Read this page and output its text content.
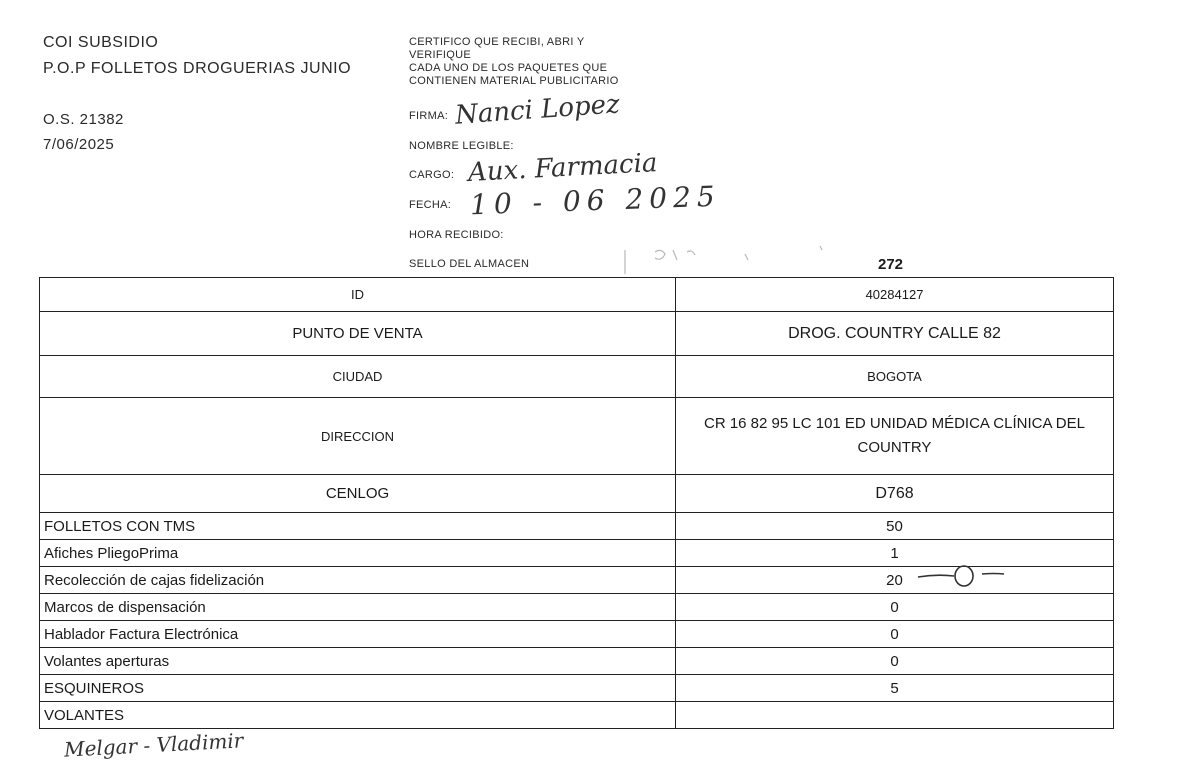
COI SUBSIDIO
P.O.P FOLLETOS DROGUERIAS JUNIO
O.S. 21382
7/06/2025
CERTIFICO QUE RECIBI, ABRI Y
VERIFIQUE
CADA UNO DE LOS PAQUETES QUE
CONTIENEN MATERIAL PUBLICITARIO
FIRMA: Nanci Lopez
NOMBRE LEGIBLE:
CARGO: Aux. Farmacia
FECHA: 10 - 06 2025
HORA RECIBIDO:
SELLO DEL ALMACEN	272
ID	40284127
PUNTO DE VENTA	DROG. COUNTRY CALLE 82
CIUDAD	BOGOTA
DIRECCION	CR 16 82 95 LC 101 ED UNIDAD MÉDICA CLÍNICA DEL COUNTRY
CENLOG	D768
FOLLETOS CON TMS	50
Afiches PliegoPrima	1
Recolección de cajas fidelización	20
Marcos de dispensación	0
Hablador Factura Electrónica	0
Volantes aperturas	0
ESQUINEROS	5
VOLANTES	
Melgar - Vladimir
